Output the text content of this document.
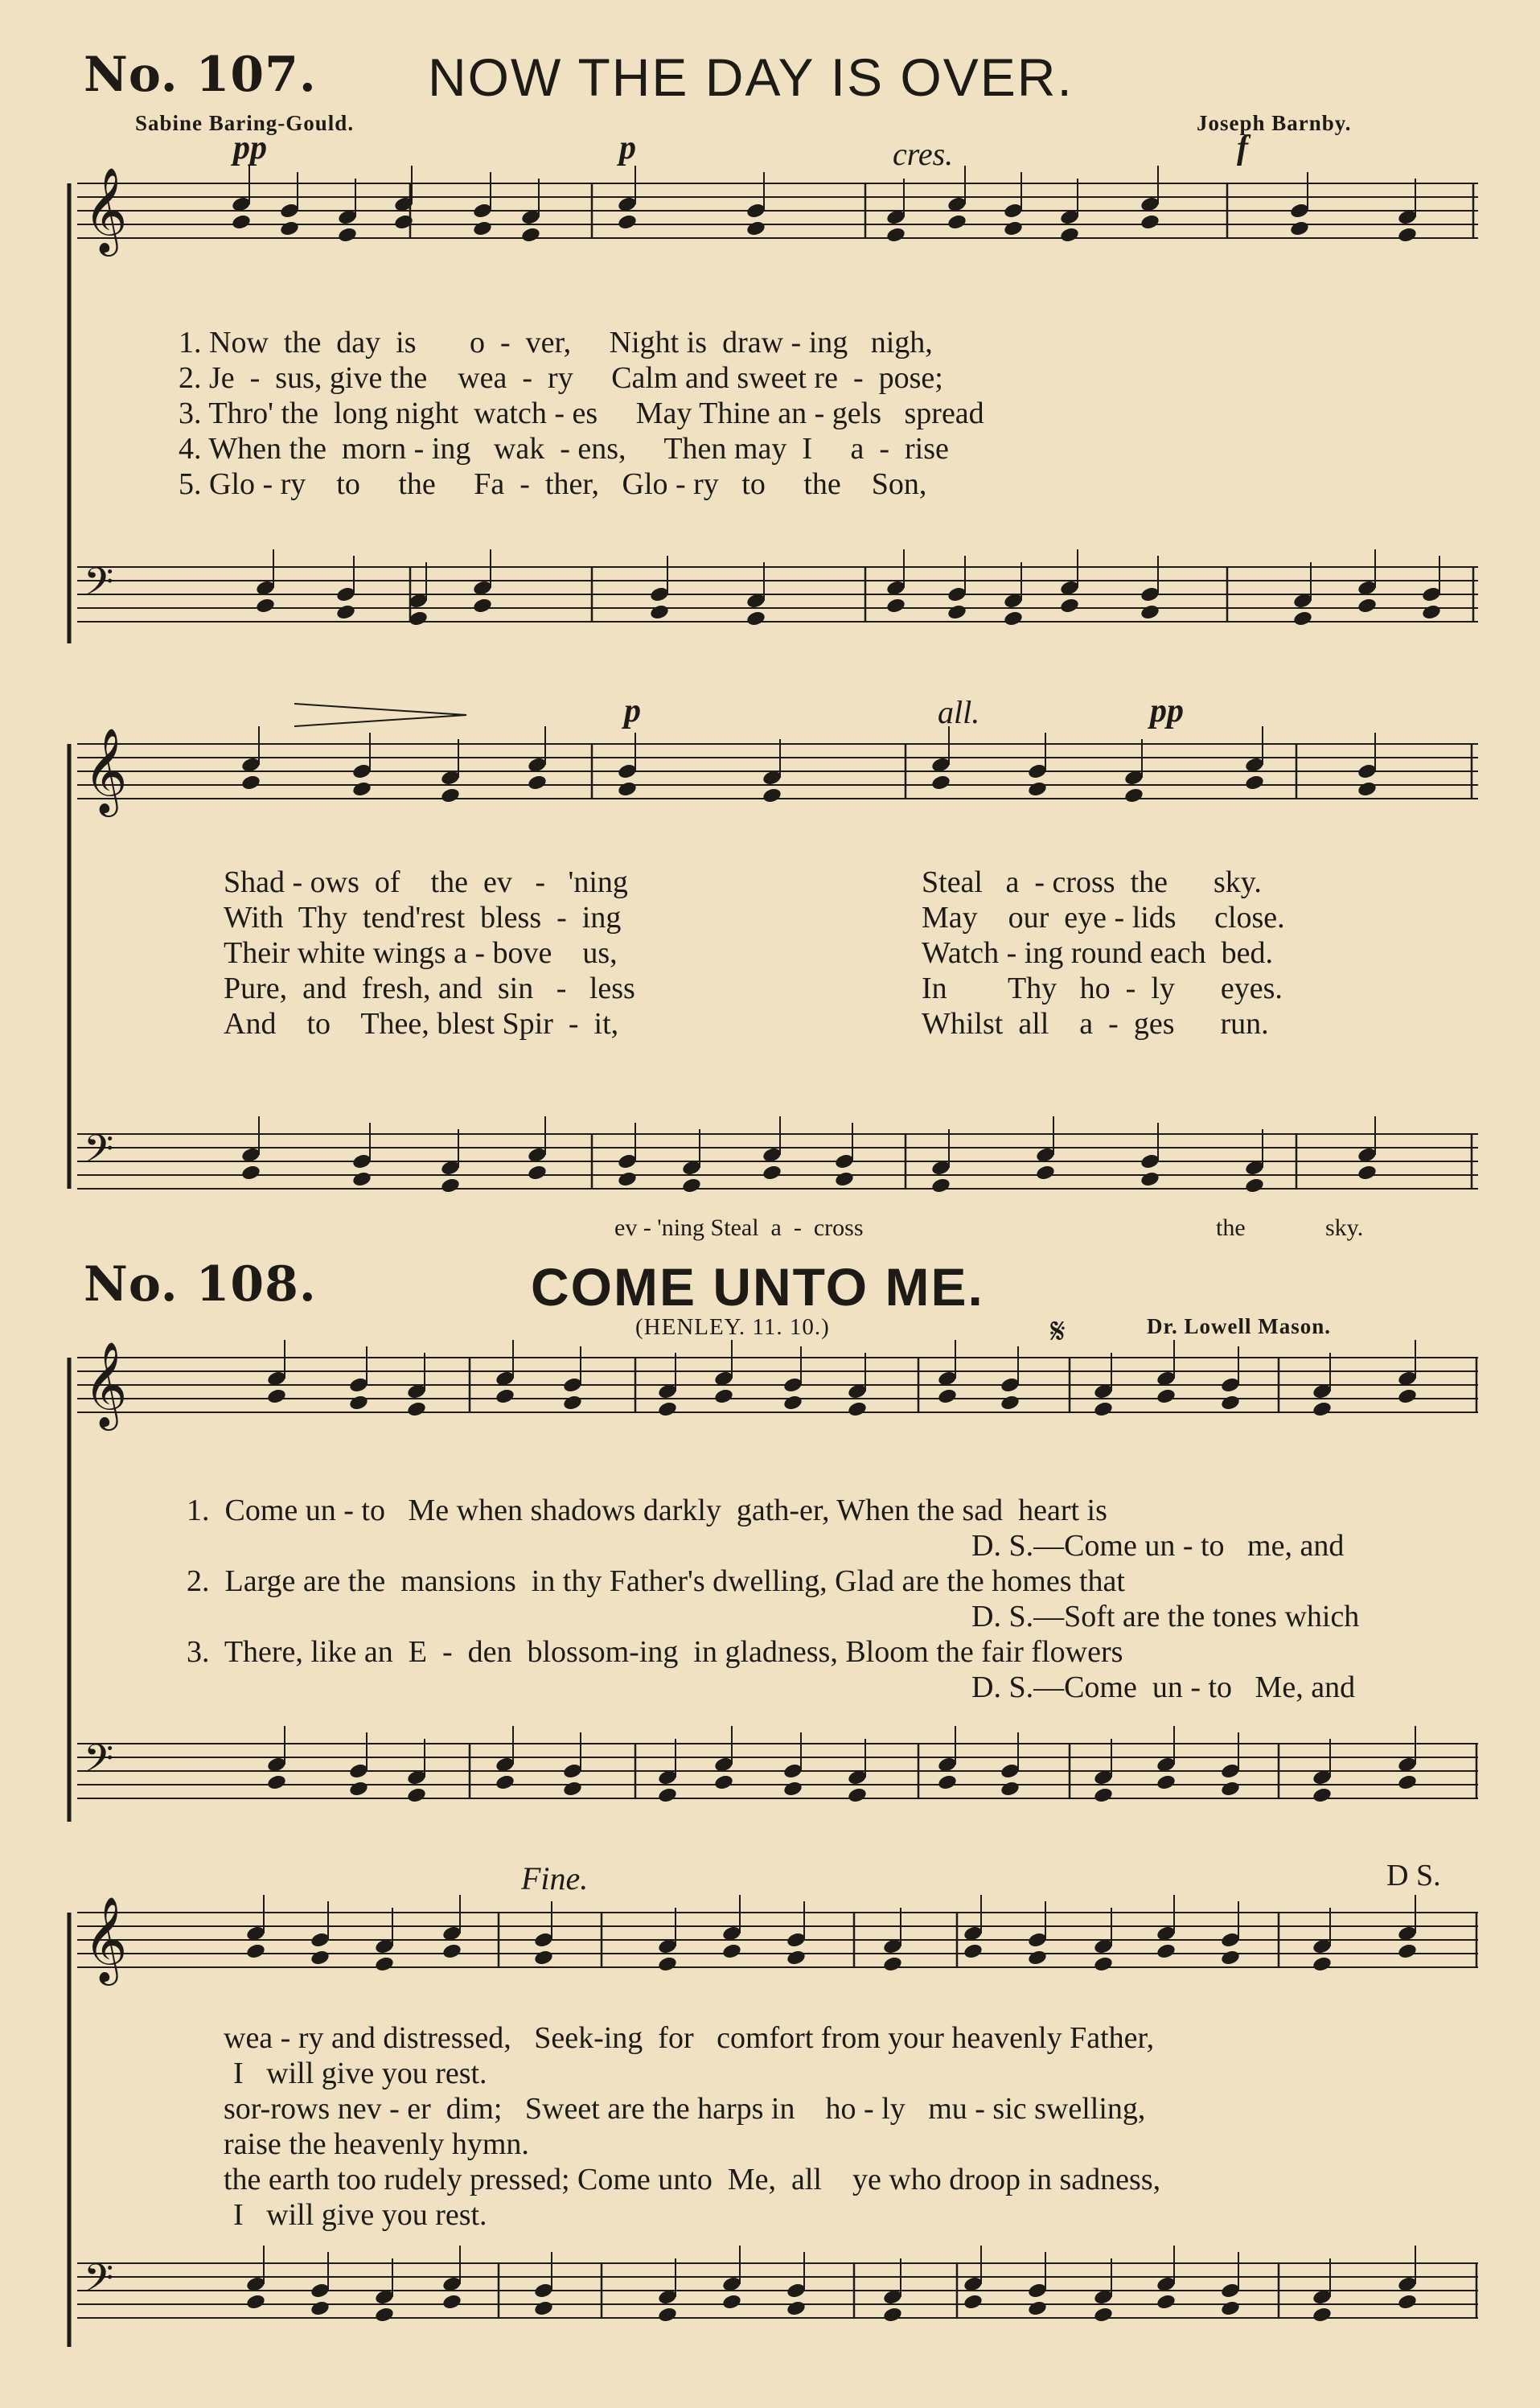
No. 107. NOW THE DAY IS OVER.
Sabine Baring-Gould.	Joseph Barnby.
pp	p	cres.	f
1. Now  the  day  is       o  -  ver,     Night is  draw - ing   nigh,
2. Je  -  sus, give the    wea  -  ry     Calm and sweet re  -  pose;
3. Thro' the  long night  watch - es     May Thine an - gels   spread
4. When the  morn - ing   wak  - ens,     Then may  I     a  -  rise
5. Glo - ry    to     the     Fa  -  ther,   Glo - ry   to     the    Son,
p	all.	pp
Shad - ows  of    the  ev   -   'ning
With  Thy  tend'rest  bless  -  ing
Their white wings a - bove    us,
Pure,  and  fresh, and  sin   -   less
And    to    Thee, blest Spir  -  it,
Steal   a  - cross  the      sky.
May    our  eye - lids     close.
Watch - ing round each  bed.
In        Thy   ho  -  ly      eyes.
Whilst  all    a  -  ges      run.
ev - 'ning Steal  a  -  cross	the	sky.
No. 108.	COME UNTO ME.
(HENLEY. 11. 10.)	𝄋	Dr. Lowell Mason.
1.  Come un - to   Me when shadows darkly  gath-er, When the sad  heart is
D. S.—Come un - to   me, and
2.  Large are the  mansions  in thy Father's dwelling, Glad are the homes that
D. S.—Soft are the tones which
3.  There, like an  E  -  den  blossom-ing  in gladness, Bloom the fair flowers
D. S.—Come  un - to   Me, and
Fine.	D S.
wea - ry and distressed,   Seek-ing  for   comfort from your heavenly Father,
I   will give you rest.
sor-rows nev - er  dim;   Sweet are the harps in    ho - ly   mu - sic swelling,
raise the heavenly hymn.
the earth too rudely pressed; Come unto  Me,  all    ye who droop in sadness,
I   will give you rest.
𝄞
𝄢
𝄞
𝄢
𝄞
𝄢
𝄞
𝄢
